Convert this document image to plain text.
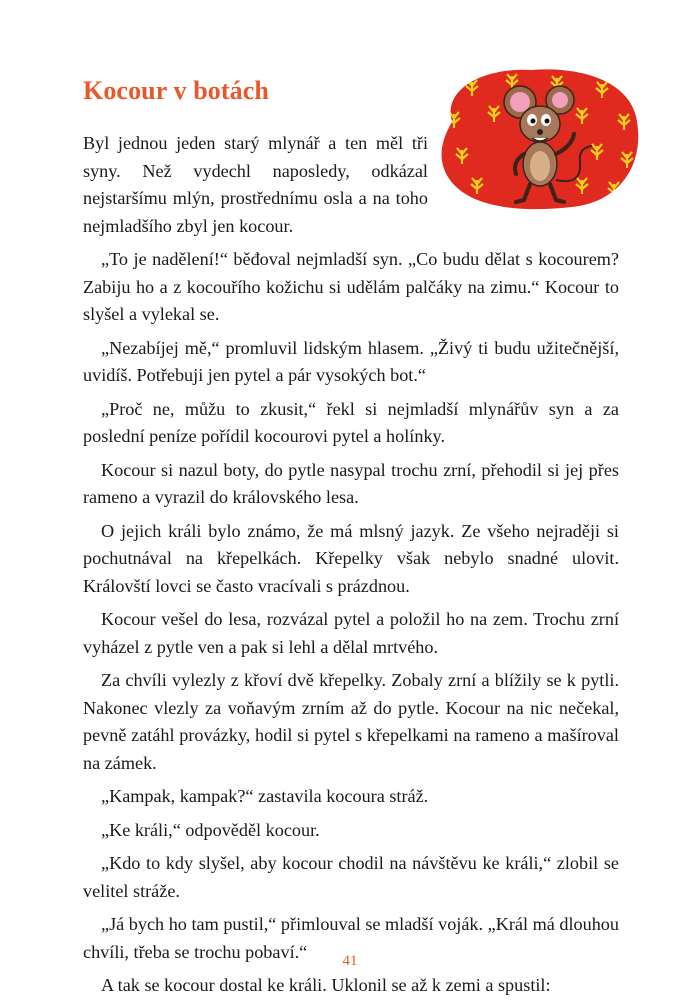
Kocour v botách

Byl jednou jeden starý mlynář a ten měl tři syny. Než vydechl naposledy, odkázal nejstaršímu mlýn, prostřednímu osla a na toho nejmladšího zbyl jen kocour.

„To je nadělení!“ běđoval nejmladší syn. „Co budu dělat s kocourem? Zabiju ho a z kocouřího kožichu si udělám palčáky na zimu.“ Kocour to slyšel a vylekal se.

„Nezabíjej mě,“ promluvil lidským hlasem. „Živý ti budu užitečnější, uvidíš. Potřebuji jen pytel a pár vysokých bot.“

„Proč ne, můžu to zkusit,“ řekl si nejmladší mlynářův syn a za poslední peníze pořídil kocourovi pytel a holínky.

Kocour si nazul boty, do pytle nasypal trochu zrní, přehodil si jej přes rameno a vyrazil do královského lesa.

O jejich králi bylo známo, že má mlsný jazyk. Ze všeho nejraději si pochutnával na křepelkách. Křepelky však nebylo snadné ulovit. Královští lovci se často vracívali s prázdnou.

Kocour vešel do lesa, rozvázal pytel a položil ho na zem. Trochu zrní vyházel z pytle ven a pak si lehl a dělal mrtvého.

Za chvíli vylezly z křoví dvě křepelky. Zobaly zrní a blížily se k pytli. Nakonec vlezly za voňavým zrním až do pytle. Kocour na nic nečekal, pevně zatáhl provázky, hodil si pytel s křepelkami na rameno a mašíroval na zámek.

„Kampak, kampak?“ zastavila kocoura stráž.

„Ke králi,“ odpověděl kocour.

„Kdo to kdy slyšel, aby kocour chodil na návštěvu ke králi,“ zlobil se velitel stráže.

„Já bych ho tam pustil,“ přimlouval se mladší voják. „Král má dlouhou chvíli, třeba se trochu pobaví.“

A tak se kocour dostal ke králi. Uklonil se až k zemi a spustil:

41
